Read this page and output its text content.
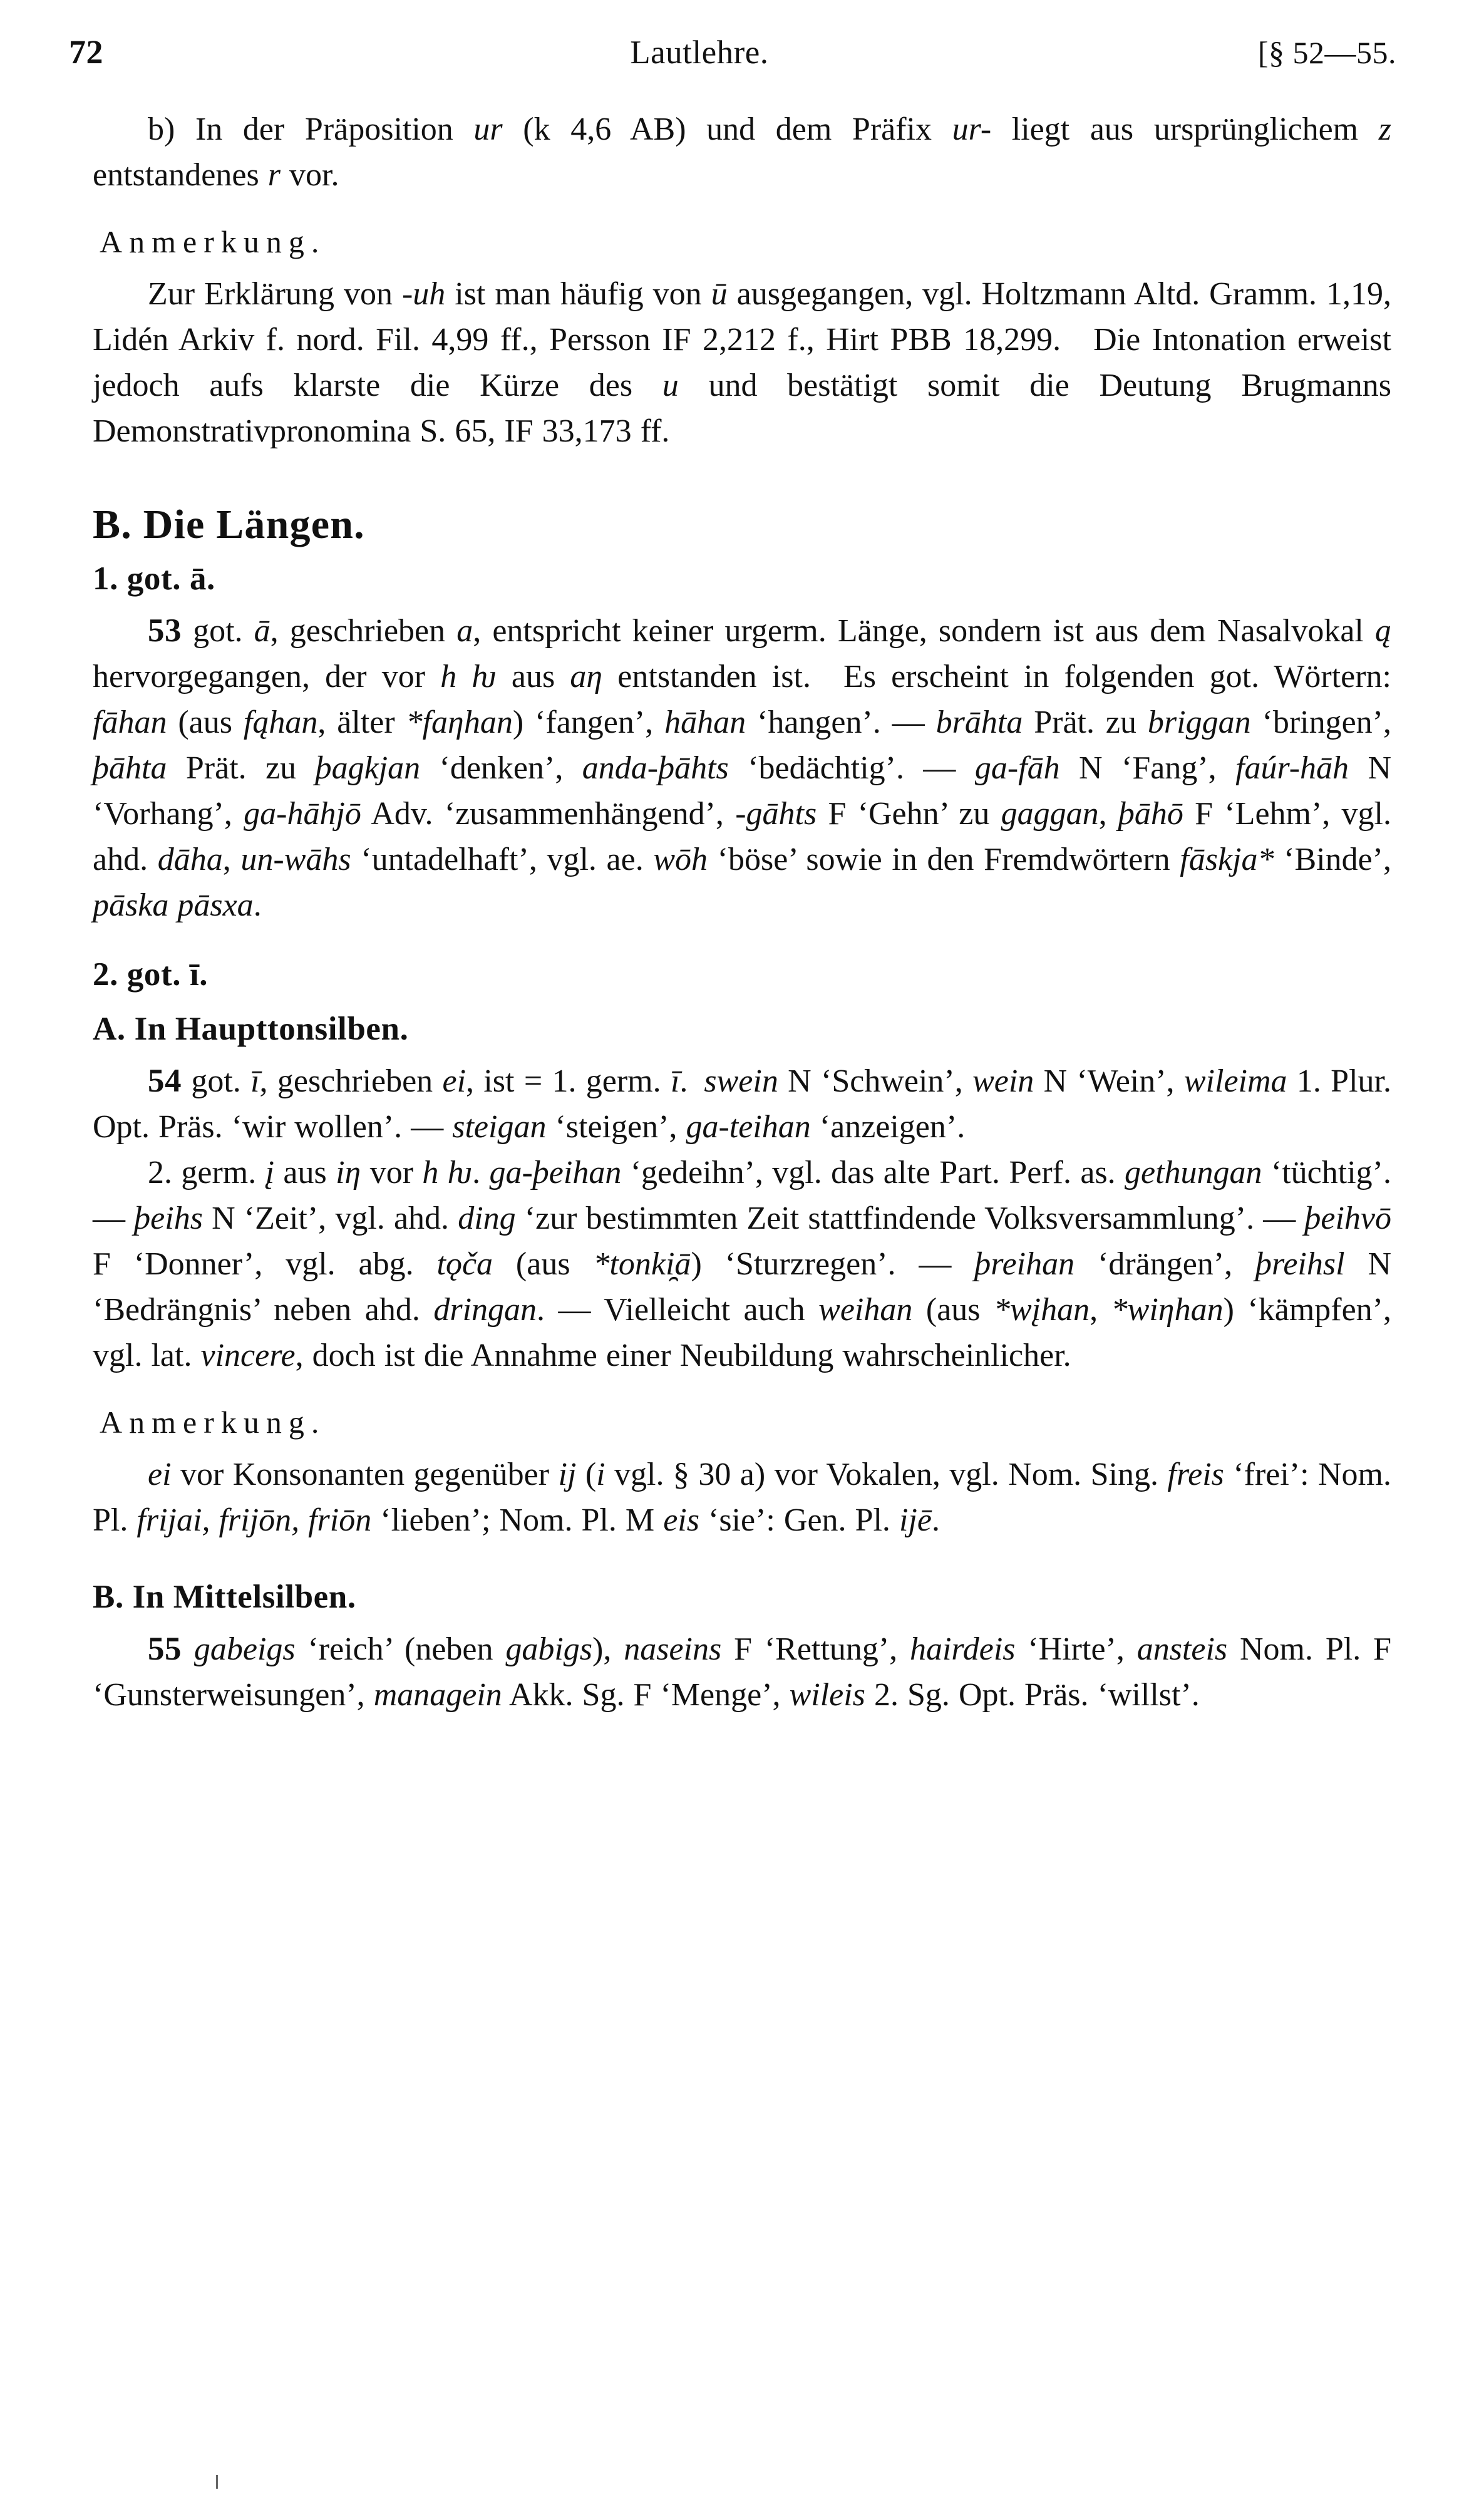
72	Lautlehre.	[§ 52—55.

b) In der Präposition ur (k 4,6 AB) und dem Präfix ur- liegt aus ursprünglichem z entstandenes r vor.

Anmerkung.

Zur Erklärung von -uh ist man häufig von ū ausgegangen, vgl. Holtzmann Altd. Gramm. 1,19, Lidén Arkiv f. nord. Fil. 4,99 ff., Persson IF 2,212 f., Hirt PBB 18,299. Die Intonation erweist jedoch aufs klarste die Kürze des u und bestätigt somit die Deutung Brugmanns Demonstrativpronomina S. 65, IF 33,173 ff.

B. Die Längen.
1. got. ā.

53 got. ā, geschrieben a, entspricht keiner urgerm. Länge, sondern ist aus dem Nasalvokal ą hervorgegangen, der vor h ƕ aus aƞ entstanden ist. Es erscheint in folgenden got. Wörtern: fāhan (aus fąhan, älter *faƞhan) ‘fangen’, hāhan ‘hangen’. — brāhta Prät. zu briggan ‘bringen’, þāhta Prät. zu þagkjan ‘denken’, anda-þāhts ‘bedächtig’. — ga-fāh N ‘Fang’, faúr-hāh N ‘Vorhang’, ga-hāhjō Adv. ‘zusammenhängend’, -gāhts F ‘Gehn’ zu gaggan, þāhō F ‘Lehm’, vgl. ahd. dāha, un-wāhs ‘untadelhaft’, vgl. ae. wōh ‘böse’ sowie in den Fremdwörtern fāskja* ‘Binde’, pāska pāsxa.

2. got. ī.
A. In Haupttonsilben.

54 got. ī, geschrieben ei, ist = 1. germ. ī. swein N ‘Schwein’, wein N ‘Wein’, wileima 1. Plur. Opt. Präs. ‘wir wollen’. — steigan ‘steigen’, ga-teihan ‘anzeigen’.

2. germ. į aus iƞ vor h ƕ. ga-þeihan ‘gedeihn’, vgl. das alte Part. Perf. as. gethungan ‘tüchtig’. — þeihs N ‘Zeit’, vgl. ahd. ding ‘zur bestimmten Zeit stattfindende Volksversammlung’. — þeihvō F ‘Donner’, vgl. abg. tǫča (aus *tonki̯ā) ‘Sturzregen’. — þreihan ‘drängen’, þreihsl N ‘Bedrängnis’ neben ahd. dringan. — Vielleicht auch weihan (aus *wįhan, *wiƞhan) ‘kämpfen’, vgl. lat. vincere, doch ist die Annahme einer Neubildung wahrscheinlicher.

Anmerkung.

ei vor Konsonanten gegenüber ij (i vgl. § 30 a) vor Vokalen, vgl. Nom. Sing. freis ‘frei’: Nom. Pl. frijai, frijōn, friōn ‘lieben’; Nom. Pl. M eis ‘sie’: Gen. Pl. ijē.

B. In Mittelsilben.

55 gabeigs ‘reich’ (neben gabigs), naseins F ‘Rettung’, hairdeis ‘Hirte’, ansteis Nom. Pl. F ‘Gunsterweisungen’, managein Akk. Sg. F ‘Menge’, wileis 2. Sg. Opt. Präs. ‘willst’.
